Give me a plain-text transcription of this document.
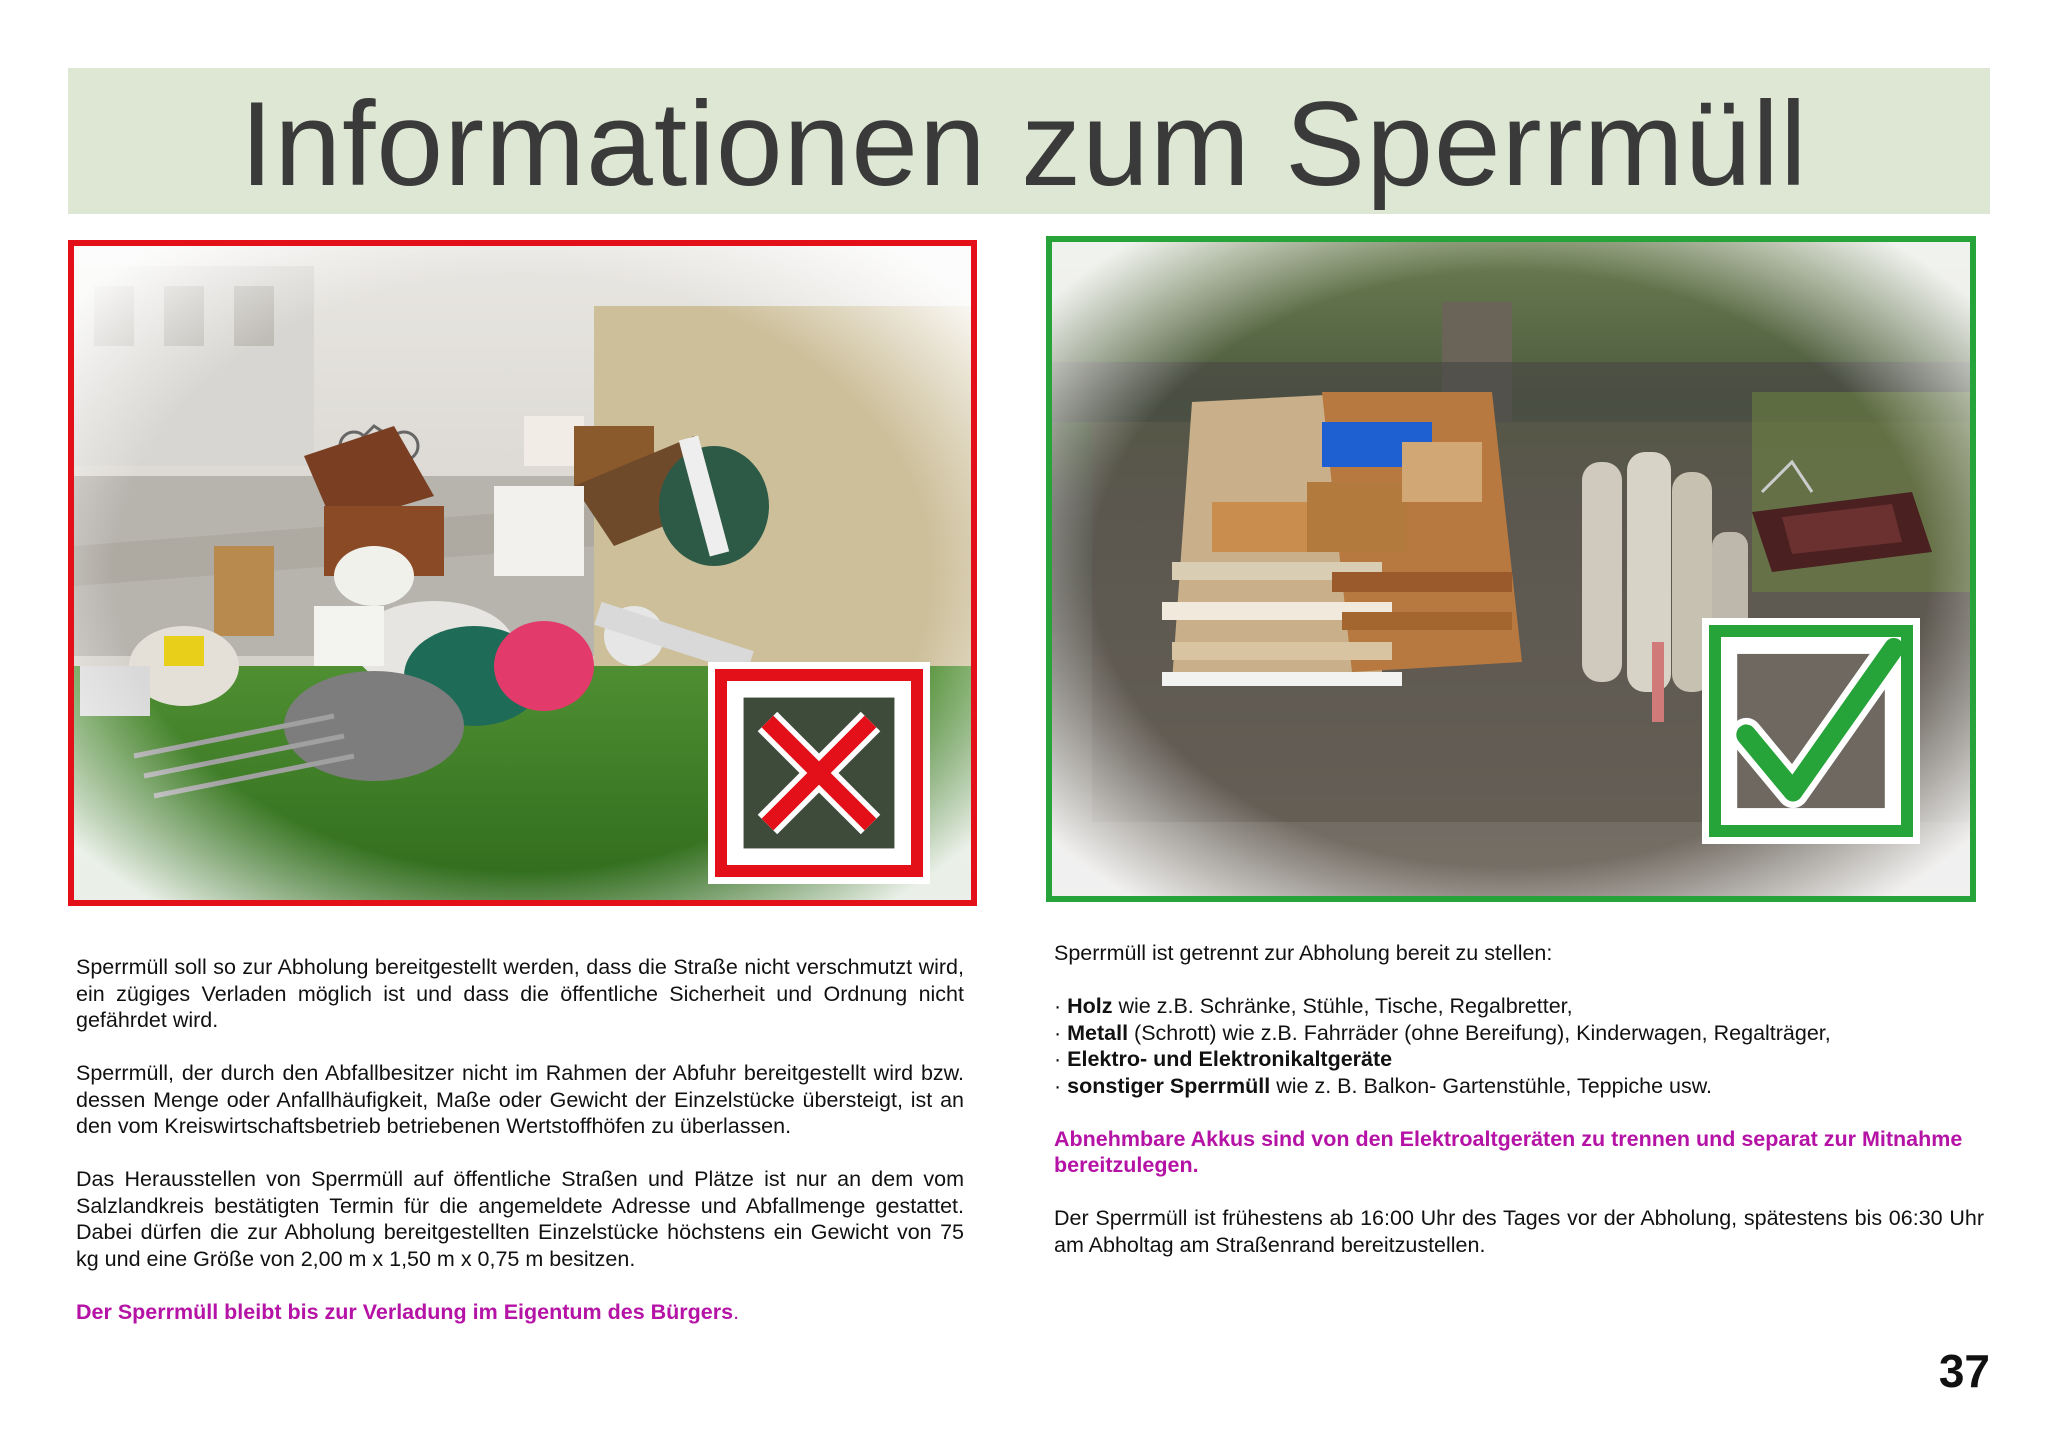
Informationen zum Sperrmüll

Sperrmüll soll so zur Abholung bereitgestellt werden, dass die Straße nicht verschmutzt wird, ein zügiges Verladen möglich ist und dass die öffentliche Sicherheit und Ordnung nicht gefährdet wird.

Sperrmüll, der durch den Abfallbesitzer nicht im Rahmen der Abfuhr bereitgestellt wird bzw. dessen Menge oder Anfallhäufigkeit, Maße oder Gewicht der Einzelstücke übersteigt, ist an den vom Kreiswirtschaftsbetrieb betriebenen Wertstoffhöfen zu überlassen.

Das Herausstellen von Sperrmüll auf öffentliche Straßen und Plätze ist nur an dem vom Salzlandkreis bestätigten Termin für die angemeldete Adresse und Abfallmenge gestattet. Dabei dürfen die zur Abholung bereitgestellten Einzelstücke höchstens ein Gewicht von 75 kg und eine Größe von 2,00 m x 1,50 m x 0,75 m besitzen.

Der Sperrmüll bleibt bis zur Verladung im Eigentum des Bürgers.

Sperrmüll ist getrennt zur Abholung bereit zu stellen:

· Holz wie z.B. Schränke, Stühle, Tische, Regalbretter,
· Metall (Schrott) wie z.B. Fahrräder (ohne Bereifung), Kinderwagen, Regalträger,
· Elektro- und Elektronikaltgeräte
· sonstiger Sperrmüll wie z. B. Balkon- Gartenstühle, Teppiche usw.

Abnehmbare Akkus sind von den Elektroaltgeräten zu trennen und separat zur Mitnahme bereitzulegen.

Der Sperrmüll ist frühestens ab 16:00 Uhr des Tages vor der Abholung, spätestens bis 06:30 Uhr am Abholtag am Straßenrand bereitzustellen.

37
